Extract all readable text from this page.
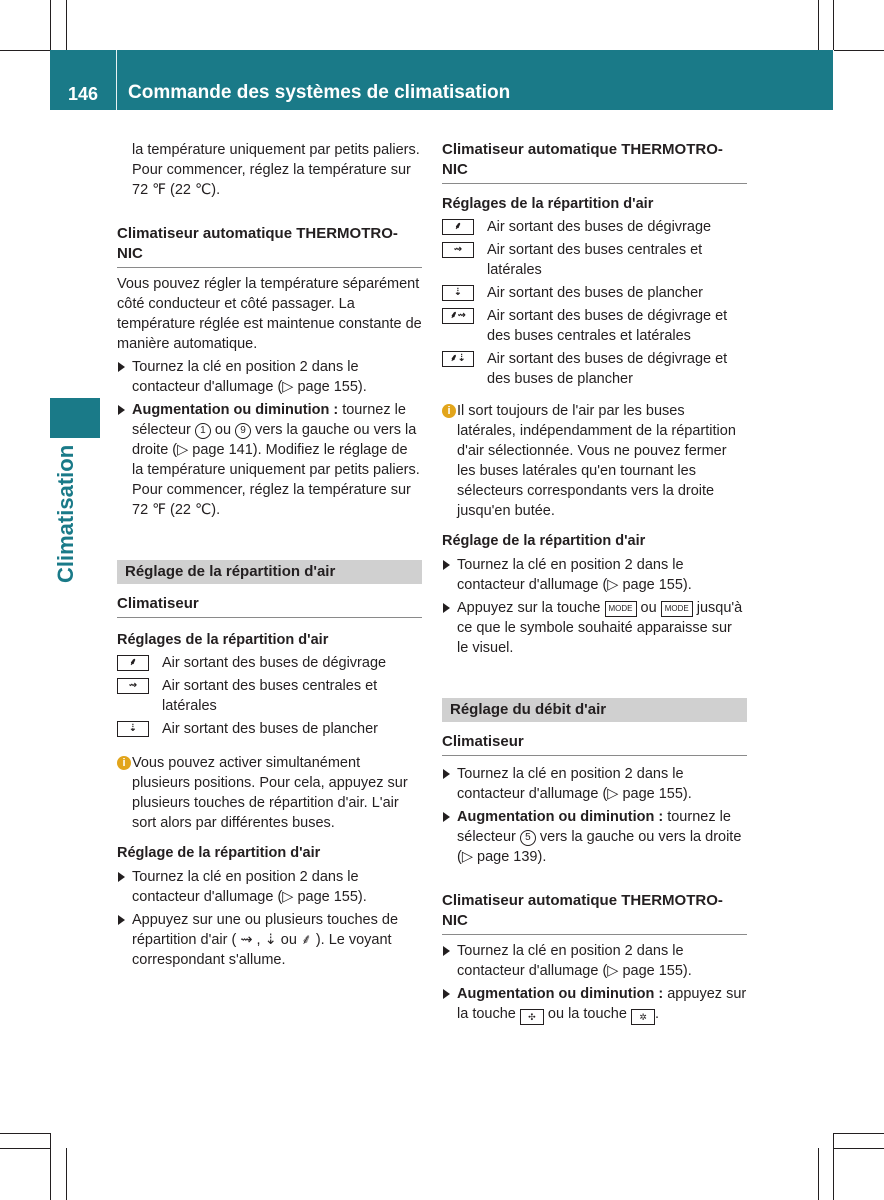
146 Commande des systèmes de climatisation
Climatisation

la température uniquement par petits paliers. Pour commencer, réglez la température sur 72 ℉ (22 ℃).

Climatiseur automatique THERMOTRO-NIC

Vous pouvez régler la température séparément côté conducteur et côté passager. La température réglée est maintenue constante de manière automatique.

Tournez la clé en position 2 dans le contacteur d'allumage (▷ page 155).

Augmentation ou diminution : tournez le sélecteur 1 ou 9 vers la gauche ou vers la droite (▷ page 141). Modifiez le réglage de la température uniquement par petits paliers. Pour commencer, réglez la température sur 72 ℉ (22 ℃).

Réglage de la répartition d'air
Climatiseur

Réglages de la répartition d'air

⸙	Air sortant des buses de dégivrage
⇝	Air sortant des buses centrales et latérales
⇣	Air sortant des buses de plancher
i Vous pouvez activer simultanément plusieurs positions. Pour cela, appuyez sur plusieurs touches de répartition d'air. L'air sort alors par différentes buses.

Réglage de la répartition d'air

Tournez la clé en position 2 dans le contacteur d'allumage (▷ page 155).

Appuyez sur une ou plusieurs touches de répartition d'air ( ⇝ , ⇣ ou ⸙ ). Le voyant correspondant s'allume.

Climatiseur automatique THERMOTRO-NIC

Réglages de la répartition d'air

⸙	Air sortant des buses de dégivrage
⇝	Air sortant des buses centrales et latérales
⇣	Air sortant des buses de plancher
⸙⇝	Air sortant des buses de dégivrage et des buses centrales et latérales
⸙⇣	Air sortant des buses de dégivrage et des buses de plancher
i Il sort toujours de l'air par les buses latérales, indépendamment de la répartition d'air sélectionnée. Vous ne pouvez fermer les buses latérales qu'en tournant les sélecteurs correspondants vers la droite jusqu'en butée.

Réglage de la répartition d'air

Tournez la clé en position 2 dans le contacteur d'allumage (▷ page 155).

Appuyez sur la touche MODE ou MODE jusqu'à ce que le symbole souhaité apparaisse sur le visuel.

Réglage du débit d'air
Climatiseur

Tournez la clé en position 2 dans le contacteur d'allumage (▷ page 155).

Augmentation ou diminution : tournez le sélecteur 5 vers la gauche ou vers la droite (▷ page 139).

Climatiseur automatique THERMOTRO-NIC

Tournez la clé en position 2 dans le contacteur d'allumage (▷ page 155).

Augmentation ou diminution : appuyez sur la touche ✣ ou la touche ✲ .
